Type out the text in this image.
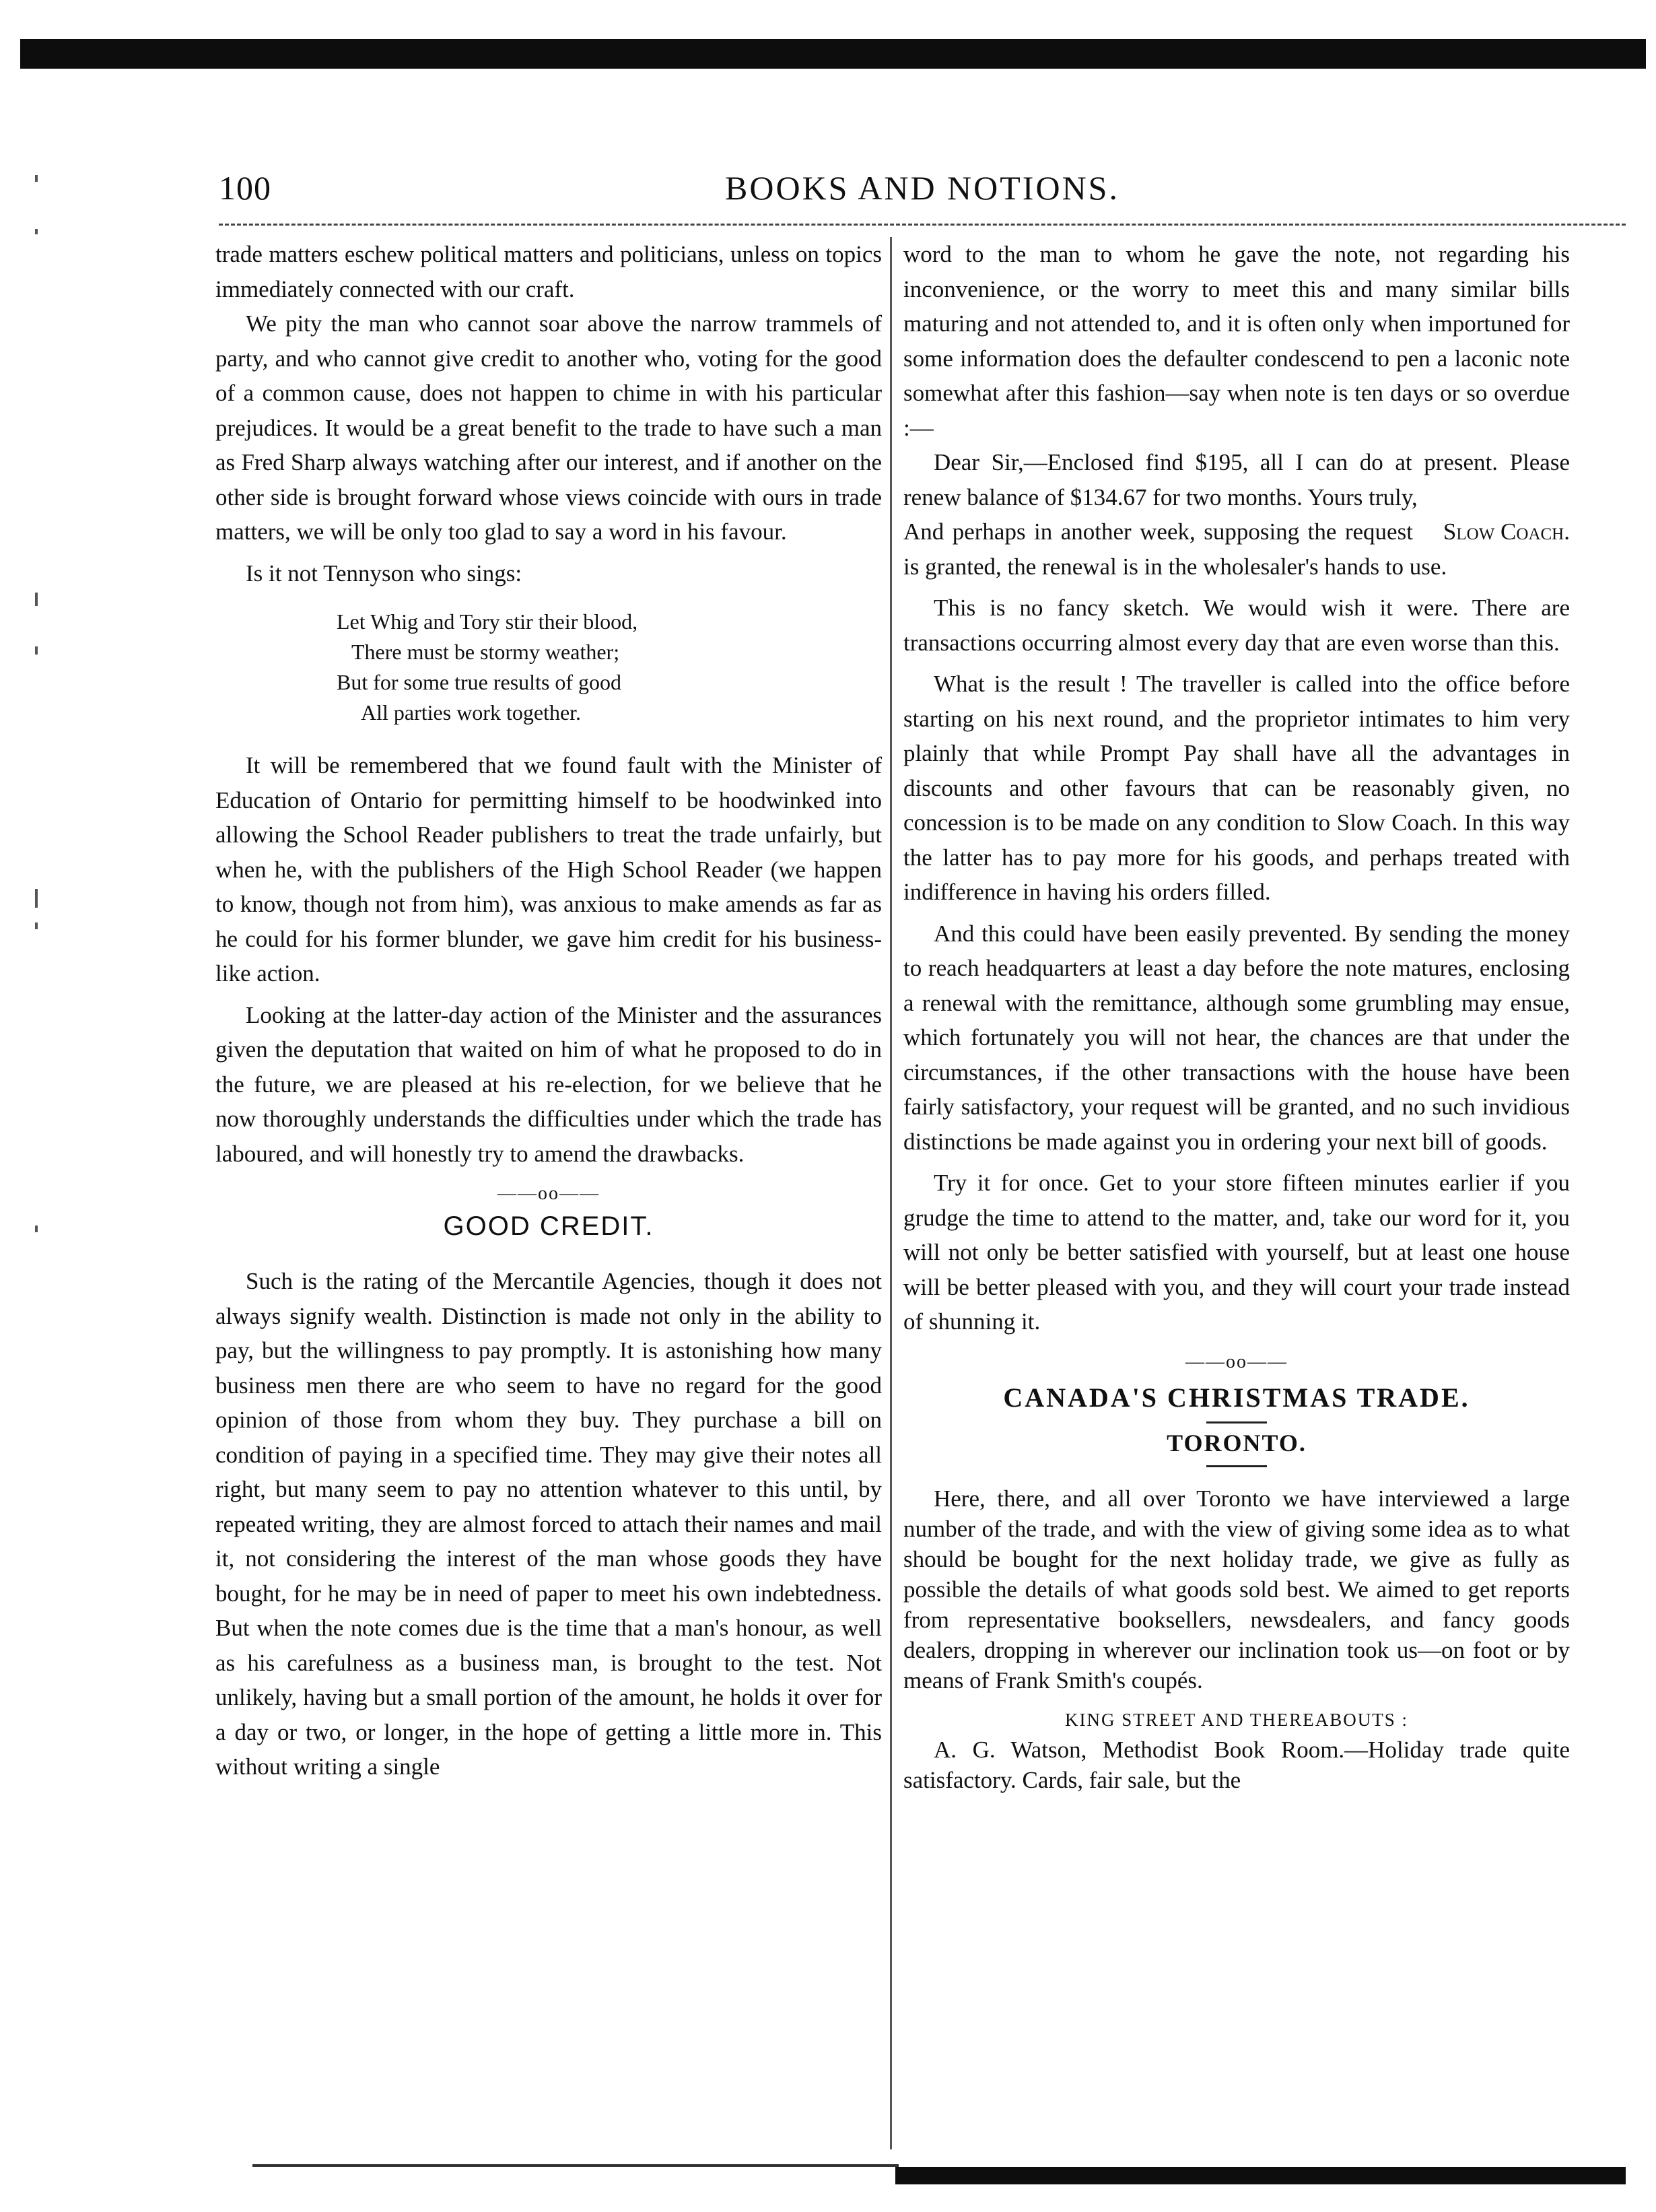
100	BOOKS AND NOTIONS.

trade matters eschew political matters and politicians, unless on topics immediately connected with our craft.

We pity the man who cannot soar above the narrow trammels of party, and who cannot give credit to another who, voting for the good of a common cause, does not happen to chime in with his particular prejudices. It would be a great benefit to the trade to have such a man as Fred Sharp always watching after our interest, and if another on the other side is brought forward whose views coincide with ours in trade matters, we will be only too glad to say a word in his favour.

Is it not Tennyson who sings:

Let Whig and Tory stir their blood,
There must be stormy weather;
But for some true results of good
All parties work together.

It will be remembered that we found fault with the Minister of Education of Ontario for permitting himself to be hoodwinked into allowing the School Reader publishers to treat the trade unfairly, but when he, with the publishers of the High School Reader (we happen to know, though not from him), was anxious to make amends as far as he could for his former blunder, we gave him credit for his business-like action.

Looking at the latter-day action of the Minister and the assurances given the deputation that waited on him of what he proposed to do in the future, we are pleased at his re-election, for we believe that he now thoroughly understands the difficulties under which the trade has laboured, and will honestly try to amend the drawbacks.

——oo——
GOOD CREDIT.

Such is the rating of the Mercantile Agencies, though it does not always signify wealth. Distinction is made not only in the ability to pay, but the willingness to pay promptly. It is astonishing how many business men there are who seem to have no regard for the good opinion of those from whom they buy. They purchase a bill on condition of paying in a specified time. They may give their notes all right, but many seem to pay no attention whatever to this until, by repeated writing, they are almost forced to attach their names and mail it, not considering the interest of the man whose goods they have bought, for he may be in need of paper to meet his own indebtedness. But when the note comes due is the time that a man's honour, as well as his carefulness as a business man, is brought to the test. Not unlikely, having but a small portion of the amount, he holds it over for a day or two, or longer, in the hope of getting a little more in. This without writing a single

word to the man to whom he gave the note, not regarding his inconvenience, or the worry to meet this and many similar bills maturing and not attended to, and it is often only when importuned for some information does the defaulter condescend to pen a laconic note somewhat after this fashion—say when note is ten days or so overdue :—

Dear Sir,—Enclosed find $195, all I can do at present. Please renew balance of $134.67 for two months. Yours truly,
Slow Coach.

And perhaps in another week, supposing the request is granted, the renewal is in the wholesaler's hands to use.

This is no fancy sketch. We would wish it were. There are transactions occurring almost every day that are even worse than this.

What is the result ! The traveller is called into the office before starting on his next round, and the proprietor intimates to him very plainly that while Prompt Pay shall have all the advantages in discounts and other favours that can be reasonably given, no concession is to be made on any condition to Slow Coach. In this way the latter has to pay more for his goods, and perhaps treated with indifference in having his orders filled.

And this could have been easily prevented. By sending the money to reach headquarters at least a day before the note matures, enclosing a renewal with the remittance, although some grumbling may ensue, which fortunately you will not hear, the chances are that under the circumstances, if the other transactions with the house have been fairly satisfactory, your request will be granted, and no such invidious distinctions be made against you in ordering your next bill of goods.

Try it for once. Get to your store fifteen minutes earlier if you grudge the time to attend to the matter, and, take our word for it, you will not only be better satisfied with yourself, but at least one house will be better pleased with you, and they will court your trade instead of shunning it.

——oo——
CANADA'S CHRISTMAS TRADE.
TORONTO.

Here, there, and all over Toronto we have interviewed a large number of the trade, and with the view of giving some idea as to what should be bought for the next holiday trade, we give as fully as possible the details of what goods sold best. We aimed to get reports from representative booksellers, newsdealers, and fancy goods dealers, dropping in wherever our inclination took us—on foot or by means of Frank Smith's coupés.

KING STREET AND THEREABOUTS :

A. G. Watson, Methodist Book Room.—Holiday trade quite satisfactory. Cards, fair sale, but the
